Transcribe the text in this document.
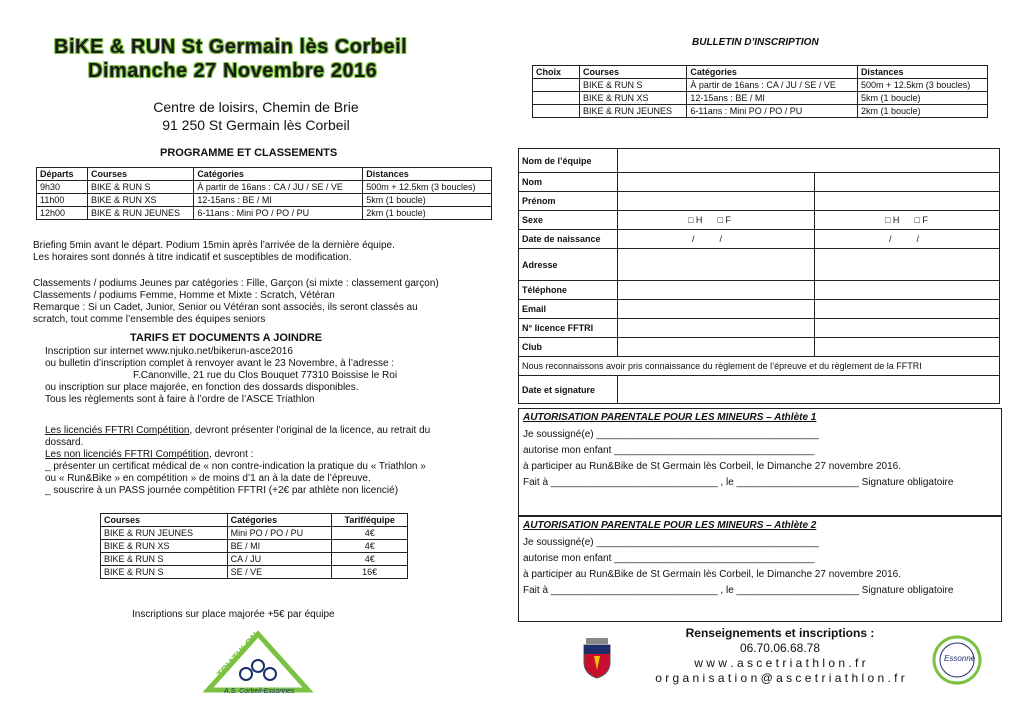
BiKE & RUN St Germain lès Corbeil
Dimanche 27 Novembre 2016
Centre de loisirs, Chemin de Brie
91 250 St Germain lès Corbeil
PROGRAMME ET CLASSEMENTS
Départs	Courses	Catégories	Distances
9h30	BIKE & RUN S	À partir de 16ans : CA / JU / SE / VE	500m + 12.5km (3 boucles)
11h00	BIKE & RUN XS	12-15ans : BE / MI	5km (1 boucle)
12h00	BIKE & RUN JEUNES	6-11ans : Mini PO / PO / PU	2km (1 boucle)
Briefing 5min avant le départ. Podium 15min après l’arrivée de la dernière équipe.
Les horaires sont donnés à titre indicatif et susceptibles de modification.
Classements / podiums Jeunes par catégories : Fille, Garçon (si mixte : classement garçon)
Classements / podiums Femme, Homme et Mixte : Scratch, Vétéran
Remarque : Si un Cadet, Junior, Senior ou Vétéran sont associés, ils seront classés au
scratch, tout comme l’ensemble des équipes seniors
TARIFS ET DOCUMENTS A JOINDRE
Inscription sur internet www.njuko.net/bikerun-asce2016
ou bulletin d’inscription complet à renvoyer avant le 23 Novembre, à l’adresse :
F.Canonville, 21 rue du Clos Bouquet 77310 Boissise le Roi
ou inscription sur place majorée, en fonction des dossards disponibles.
Tous les règlements sont à faire à l’ordre de l’ASCE Triathlon
Les licenciés FFTRI Compétition, devront présenter l’original de la licence, au retrait du
dossard.
Les non licenciés FFTRI Compétition, devront :
_ présenter un certificat médical de « non contre-indication la pratique du « Triathlon »
ou « Run&Bike » en compétition » de moins d’1 an à la date de l’épreuve.
_ souscrire à un PASS journée compétition FFTRI (+2€ par athlète non licencié)
Courses	Catégories	Tarif/équipe
BIKE & RUN JEUNES	Mini PO / PO / PU	4€
BIKE & RUN XS	BE / MI	4€
BIKE & RUN S	CA / JU	4€
BIKE & RUN S	SE / VE	16€
Inscriptions sur place majorée +5€ par équipe
TRIATHLON
A.S. Corbeil-Essonnes
BULLETIN D’INSCRIPTION
Choix	Courses	Catégories	Distances
	BIKE & RUN S	À partir de 16ans : CA / JU / SE / VE	500m + 12.5km (3 boucles)
	BIKE & RUN XS	12-15ans : BE / MI	5km (1 boucle)
	BIKE & RUN JEUNES	6-11ans : Mini PO / PO / PU	2km (1 boucle)
Nom de l’équipe		
Nom		
Prénom		
Sexe	□ H □ F	□ H □ F
Date de naissance	/          /	/          /
Adresse		
Téléphone		
Email		
N° licence FFTRI		
Club		
Nous reconnaissons avoir pris connaissance du règlement de l’épreuve et du règlement de la FFTRI		
Date et signature		
AUTORISATION PARENTALE POUR LES MINEURS – Athlète 1
Je soussigné(e) ________________________________________
autorise mon enfant ____________________________________
à participer au Run&Bike de St Germain lès Corbeil, le Dimanche 27 novembre 2016.
Fait à ______________________________ , le ______________________ Signature obligatoire
AUTORISATION PARENTALE POUR LES MINEURS – Athlète 2
Je soussigné(e) ________________________________________
autorise mon enfant ____________________________________
à participer au Run&Bike de St Germain lès Corbeil, le Dimanche 27 novembre 2016.
Fait à ______________________________ , le ______________________ Signature obligatoire
Renseignements et inscriptions :
06.70.06.68.78
w w w . a s c e t r i a t h l o n . f r
o r g a n i s a t i o n @ a s c e t r i a t h l o n . f r
Essonne
